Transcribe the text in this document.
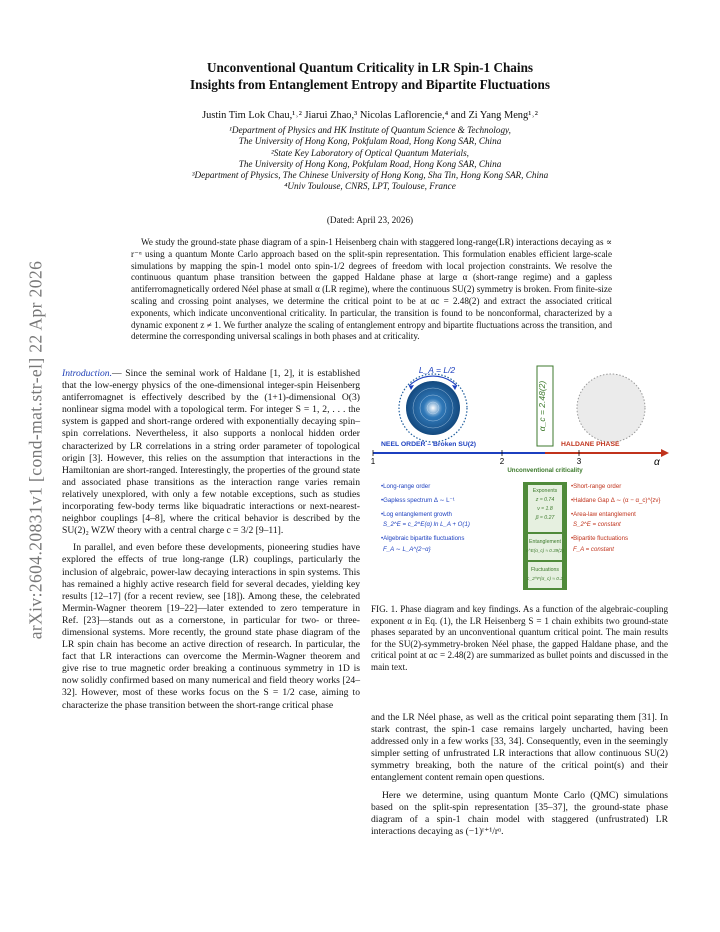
arXiv:2604.20831v1 [cond-mat.str-el] 22 Apr 2026
Unconventional Quantum Criticality in LR Spin-1 Chains
Insights from Entanglement Entropy and Bipartite Fluctuations
Justin Tim Lok Chau,¹˒² Jiarui Zhao,³ Nicolas Laflorencie,⁴ and Zi Yang Meng¹˒²
¹Department of Physics and HK Institute of Quantum Science & Technology,
The University of Hong Kong, Pokfulam Road, Hong Kong SAR, China
²State Key Laboratory of Optical Quantum Materials,
The University of Hong Kong, Pokfulam Road, Hong Kong SAR, China
³Department of Physics, The Chinese University of Hong Kong, Sha Tin, Hong Kong SAR, China
⁴Univ Toulouse, CNRS, LPT, Toulouse, France
(Dated: April 23, 2026)
We study the ground-state phase diagram of a spin-1 Heisenberg chain with staggered long-range(LR) interactions decaying as ∝ r⁻ᵅ using a quantum Monte Carlo approach based on the split-spin representation. This formulation enables efficient large-scale simulations by mapping the spin-1 model onto spin-1/2 degrees of freedom with local projection constraints. We resolve the continuous quantum phase transition between the gapped Haldane phase at large α (short-range regime) and a gapless antiferromagnetically ordered Néel phase at small α (LR regime), where the continuous SU(2) symmetry is broken. From finite-size scaling and crossing point analyses, we determine the critical point to be at αc = 2.48(2) and extract the associated critical exponents, which indicate unconventional criticality. In particular, the transition is found to be nonconformal, characterized by a dynamic exponent z ≠ 1. We further analyze the scaling of entanglement entropy and bipartite fluctuations across the transition, and determine the corresponding universal scalings in both phases and at criticality.

Introduction.— Since the seminal work of Haldane [1, 2], it is established that the low-energy physics of the one-dimensional integer-spin Heisenberg antiferromagnet is effectively described by the (1+1)-dimensional O(3) nonlinear sigma model with a topological term. For integer S = 1, 2, . . . the system is gapped and short-range ordered with exponentially decaying spin–spin correlations. Nevertheless, it also supports a nonlocal hidden order characterized by LR correlations in a string order parameter of topological origin [3]. However, this relies on the assumption that interactions in the Hamiltonian are short-ranged. Interestingly, the properties of the ground state and associated phase transitions as the interaction range varies remain relatively unexplored, with only a few notable exceptions, such as studies incorporating few-body terms like biquadratic interactions or next-nearest-neighbor couplings [4–8], where the critical behavior is described by the SU(2)₂ WZW theory with a central charge c = 3/2 [9–11].

In parallel, and even before these developments, pioneering studies have explored the effects of true long-range (LR) couplings, particularly the inclusion of algebraic, power-law decaying interactions in spin systems. This has remained a highly active research field for several decades, yielding key results [12–17] (for a recent review, see [18]). Among these, the celebrated Mermin-Wagner theorem [19–22]—later extended to zero temperature in Ref. [23]—stands out as a cornerstone, in particular for two- or three-dimensional systems. More recently, the ground state phase diagram of the LR spin chain has become an active direction of research. In particular, the fact that LR interactions can overcome the Mermin-Wagner theorem and give rise to true magnetic order breaking a continuous symmetry in 1D is now solidly confirmed based on many numerical and field theory works [24–32]. However, most of these works focus on the S = 1/2 case, aiming to characterize the phase transition between the short-range critical phase

L_A = L/2
α_c = 2.48(2)
NEEL ORDER – Broken SU(2)	HALDANE PHASE
1	2	3	α
Unconventional criticality
Exponents
z ≈ 0.74
ν ≈ 1.8
β ≈ 0.27
Entanglement
c^E(α_c) ≈ 0.39(2)
Fluctuations
c_2^F(α_c) ≈ 0.2
•Long-range order
•Gapless spectrum Δ ∼ L⁻¹
•Log entanglement growth
S_2^E = c_2^E(α) ln L_A + O(1)
•Algebraic bipartite fluctuations
F_A ∼ L_A^{2−α}
•Short-range order
•Haldane Gap Δ ∼ (α − α_c)^{zν}
•Area-law entanglement
S_2^E = constant
•Bipartite fluctuations
F_A = constant
FIG. 1. Phase diagram and key findings. As a function of the algebraic-coupling exponent α in Eq. (1), the LR Heisenberg S = 1 chain exhibits two ground-state phases separated by an unconventional quantum critical point. The main results for the SU(2)-symmetry-broken Néel phase, the gapped Haldane phase, and the critical point at αc = 2.48(2) are summarized as bullet points and discussed in the main text.

and the LR Néel phase, as well as the critical point separating them [31]. In stark contrast, the spin-1 case remains largely uncharted, having been addressed only in a few works [33, 34]. Consequently, even in the seemingly simpler setting of unfrustrated LR interactions that allow continuous SU(2) symmetry breaking, both the nature of the critical point(s) and their entanglement content remain open questions.

Here we determine, using quantum Monte Carlo (QMC) simulations based on the split-spin representation [35–37], the ground-state phase diagram of a spin-1 chain model with staggered (unfrustrated) LR interactions decaying as (−1)ʳ⁺¹/rᵅ.
